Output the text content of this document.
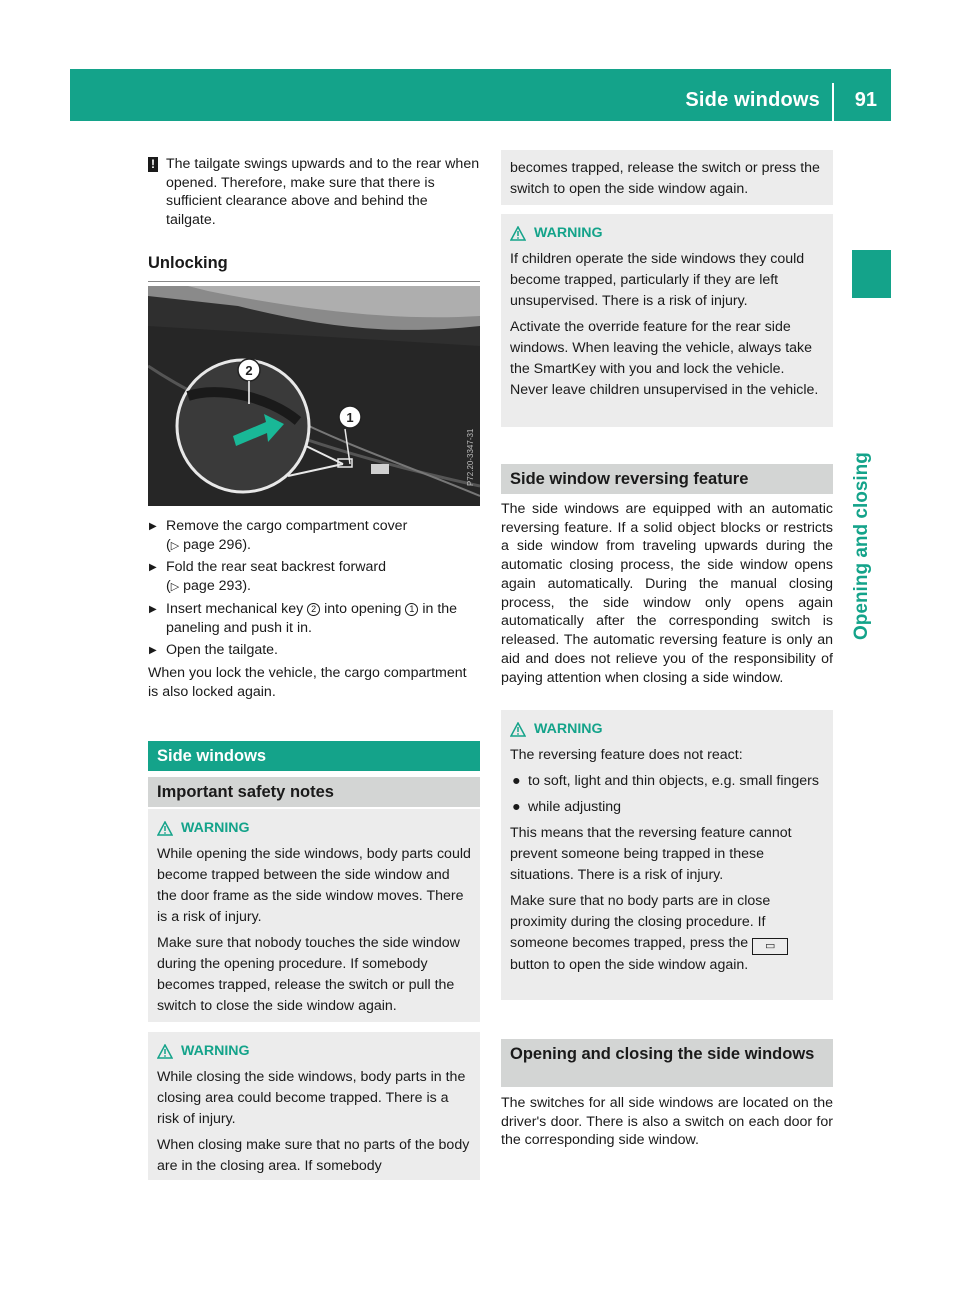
Side windows 91
Opening and closing

! The tailgate swings upwards and to the rear when opened. Therefore, make sure that there is sufficient clearance above and behind the tailgate.

Unlocking
2
1
P72.20-3347-31
▶ Remove the cargo compartment cover
(▷ page 296).
▶ Fold the rear seat backrest forward
(▷ page 293).
▶ Insert mechanical key 2 into opening 1 in the paneling and push it in.
▶ Open the tailgate.

When you lock the vehicle, the cargo compartment is also locked again.

Side windows
Important safety notes
WARNING

While opening the side windows, body parts could become trapped between the side window and the door frame as the side window moves. There is a risk of injury.

Make sure that nobody touches the side window during the opening procedure. If somebody becomes trapped, release the switch or pull the switch to close the side window again.

WARNING

While closing the side windows, body parts in the closing area could become trapped. There is a risk of injury.

When closing make sure that no parts of the body are in the closing area. If somebody

becomes trapped, release the switch or press the switch to open the side window again.

WARNING

If children operate the side windows they could become trapped, particularly if they are left unsupervised. There is a risk of injury.

Activate the override feature for the rear side windows. When leaving the vehicle, always take the SmartKey with you and lock the vehicle. Never leave children unsupervised in the vehicle.

Side window reversing feature
The side windows are equipped with an automatic reversing feature. If a solid object blocks or restricts a side window from traveling upwards during the automatic closing process, the side window opens again automatically. During the manual closing process, the side window only opens again automatically after the corresponding switch is released. The automatic reversing feature is only an aid and does not relieve you of the responsibility of paying attention when closing a side window.
WARNING

The reversing feature does not react:

● to soft, light and thin objects, e.g. small fingers

● while adjusting

This means that the reversing feature cannot prevent someone being trapped in these situations. There is a risk of injury.

Make sure that no body parts are in close proximity during the closing procedure. If someone becomes trapped, press the ▭ button to open the side window again.

Opening and closing the side windows
The switches for all side windows are located on the driver's door. There is also a switch on each door for the corresponding side window.
